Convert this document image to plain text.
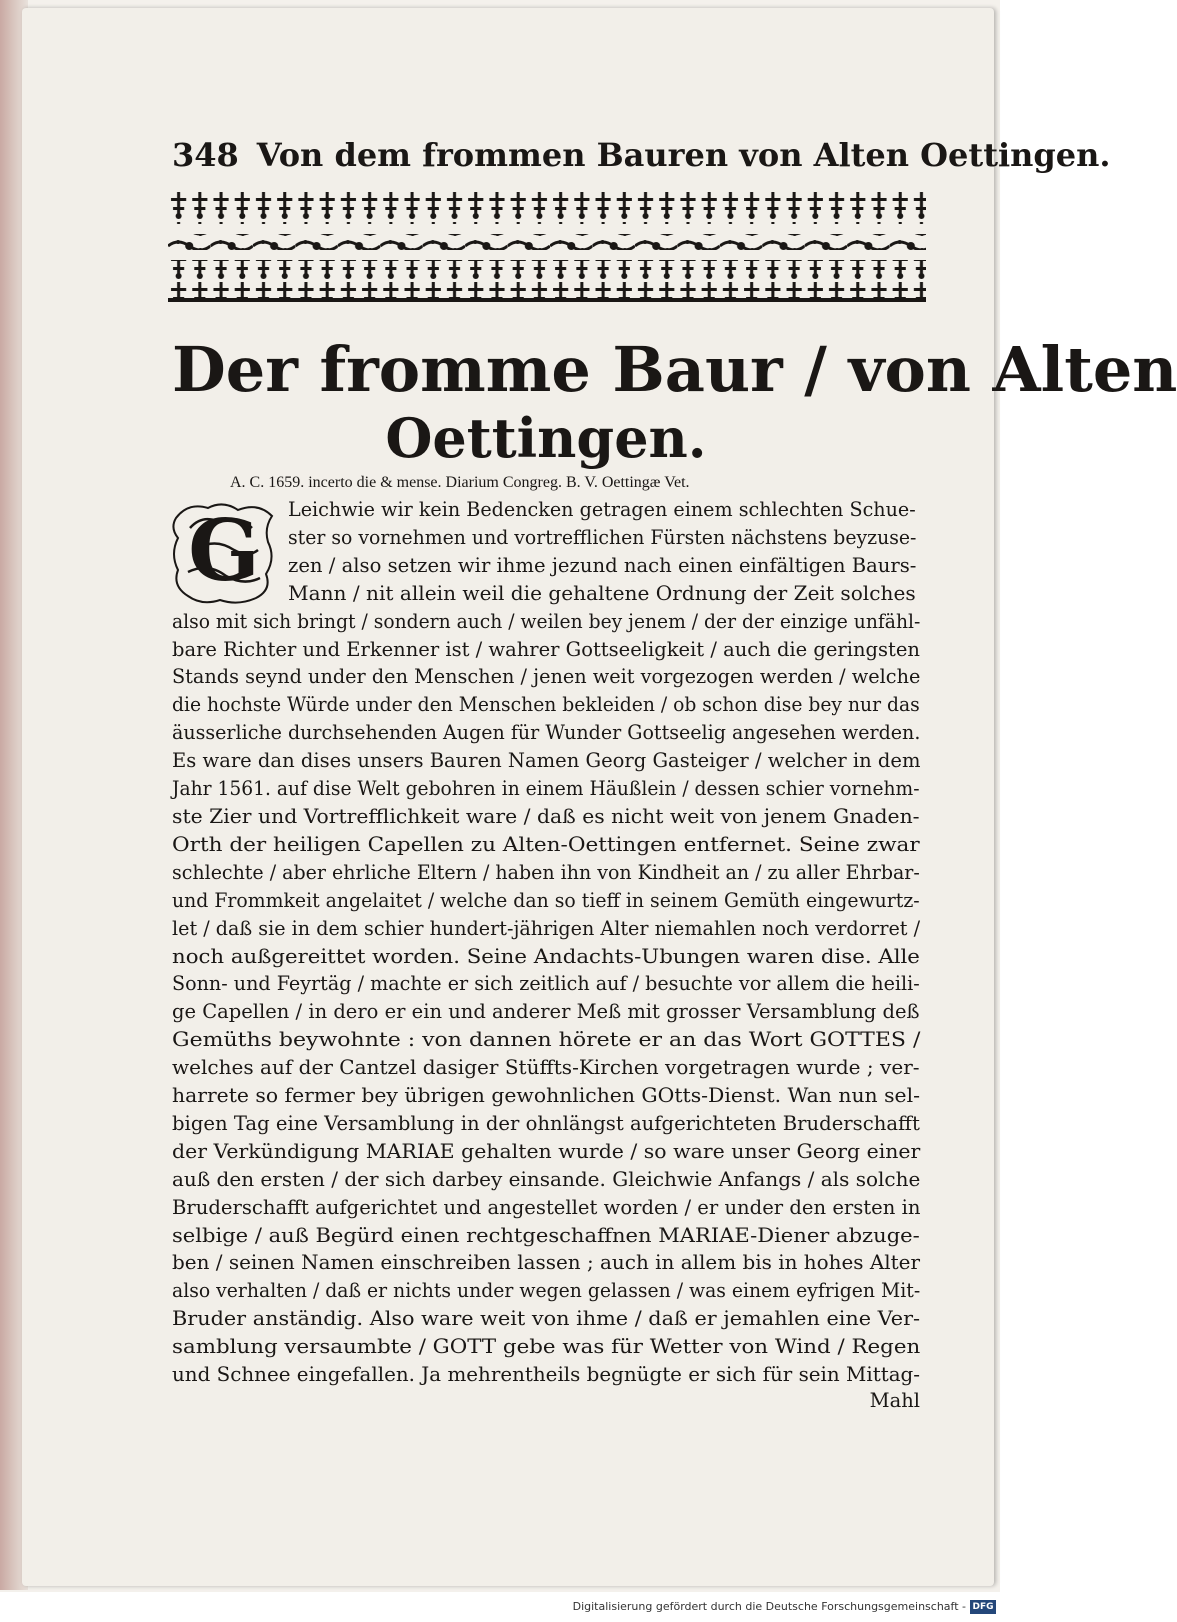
348 Von dem frommen Bauren von Alten Oettingen.
Der fromme Baur / von Alten
Oettingen.
A. C. 1659. incerto die & mense. Diarium Congreg. B. V. Oettingæ Vet.
G	Leichwie wir kein Bedencken getragen einem schlechten Schue-
ster so vornehmen und vortrefflichen Fürsten nächstens beyzuse-
zen / also setzen wir ihme jezund nach einen einfältigen Baurs-
Mann / nit allein weil die gehaltene Ordnung der Zeit solches
also mit sich bringt / sondern auch / weilen bey jenem / der der einzige unfähl-
bare Richter und Erkenner ist / wahrer Gottseeligkeit / auch die geringsten
Stands seynd under den Menschen / jenen weit vorgezogen werden / welche
die hochste Würde under den Menschen bekleiden / ob schon dise bey nur das
äusserliche durchsehenden Augen für Wunder Gottseelig angesehen werden.
Es ware dan dises unsers Bauren Namen Georg Gasteiger / welcher in dem
Jahr 1561. auf dise Welt gebohren in einem Häußlein / dessen schier vornehm-
ste Zier und Vortrefflichkeit ware / daß es nicht weit von jenem Gnaden-
Orth der heiligen Capellen zu Alten-Oettingen entfernet. Seine zwar
schlechte / aber ehrliche Eltern / haben ihn von Kindheit an / zu aller Ehrbar-
und Frommkeit angelaitet / welche dan so tieff in seinem Gemüth eingewurtz-
let / daß sie in dem schier hundert-jährigen Alter niemahlen noch verdorret /
noch außgereittet worden. Seine Andachts-Ubungen waren dise. Alle
Sonn- und Feyrtäg / machte er sich zeitlich auf / besuchte vor allem die heili-
ge Capellen / in dero er ein und anderer Meß mit grosser Versamblung deß
Gemüths beywohnte : von dannen hörete er an das Wort GOTTES /
welches auf der Cantzel dasiger Stüffts-Kirchen vorgetragen wurde ; ver-
harrete so fermer bey übrigen gewohnlichen GOtts-Dienst. Wan nun sel-
bigen Tag eine Versamblung in der ohnlängst aufgerichteten Bruderschafft
der Verkündigung MARIAE gehalten wurde / so ware unser Georg einer
auß den ersten / der sich darbey einsande. Gleichwie Anfangs / als solche
Bruderschafft aufgerichtet und angestellet worden / er under den ersten in
selbige / auß Begürd einen rechtgeschaffnen MARIAE-Diener abzuge-
ben / seinen Namen einschreiben lassen ; auch in allem bis in hohes Alter
also verhalten / daß er nichts under wegen gelassen / was einem eyfrigen Mit-
Bruder anständig. Also ware weit von ihme / daß er jemahlen eine Ver-
samblung versaumbte / GOTT gebe was für Wetter von Wind / Regen
und Schnee eingefallen. Ja mehrentheils begnügte er sich für sein Mittag-
Mahl
Digitalisierung gefördert durch die Deutsche Forschungsgemeinschaft - DFG
